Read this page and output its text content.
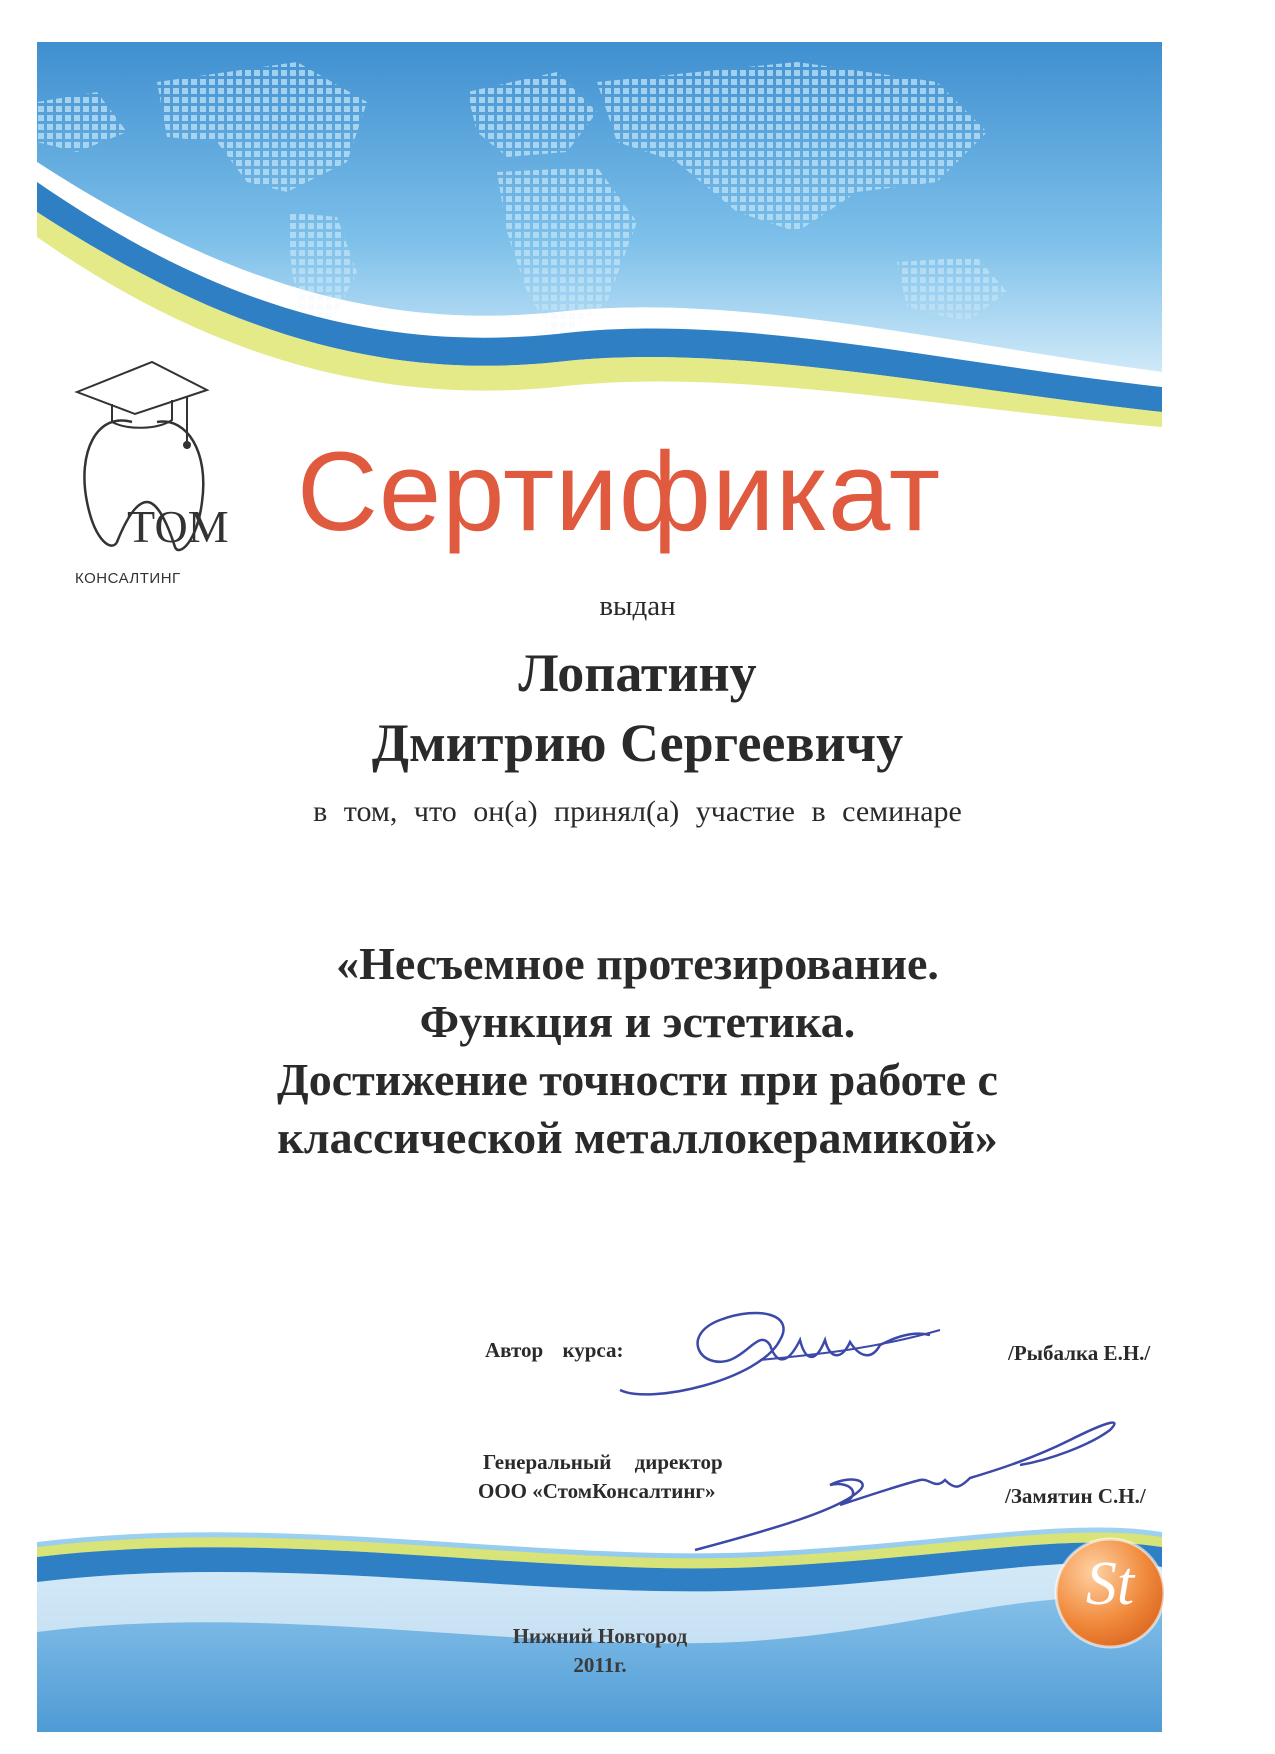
ТОМ
КОНСАЛТИНГ
Сертификат
выдан
Лопатину
Дмитрию Сергеевичу
в том, что он(а) принял(а) участие в семинаре
«Несъемное протезирование.
Функция и эстетика.
Достижение точности при работе с
классической металлокерамикой»
Автор курса:	/Рыбалка Е.Н./
Генеральный директор
ООО «СтомКонсалтинг»	/Замятин С.Н./
St
Нижний Новгород
2011г.
